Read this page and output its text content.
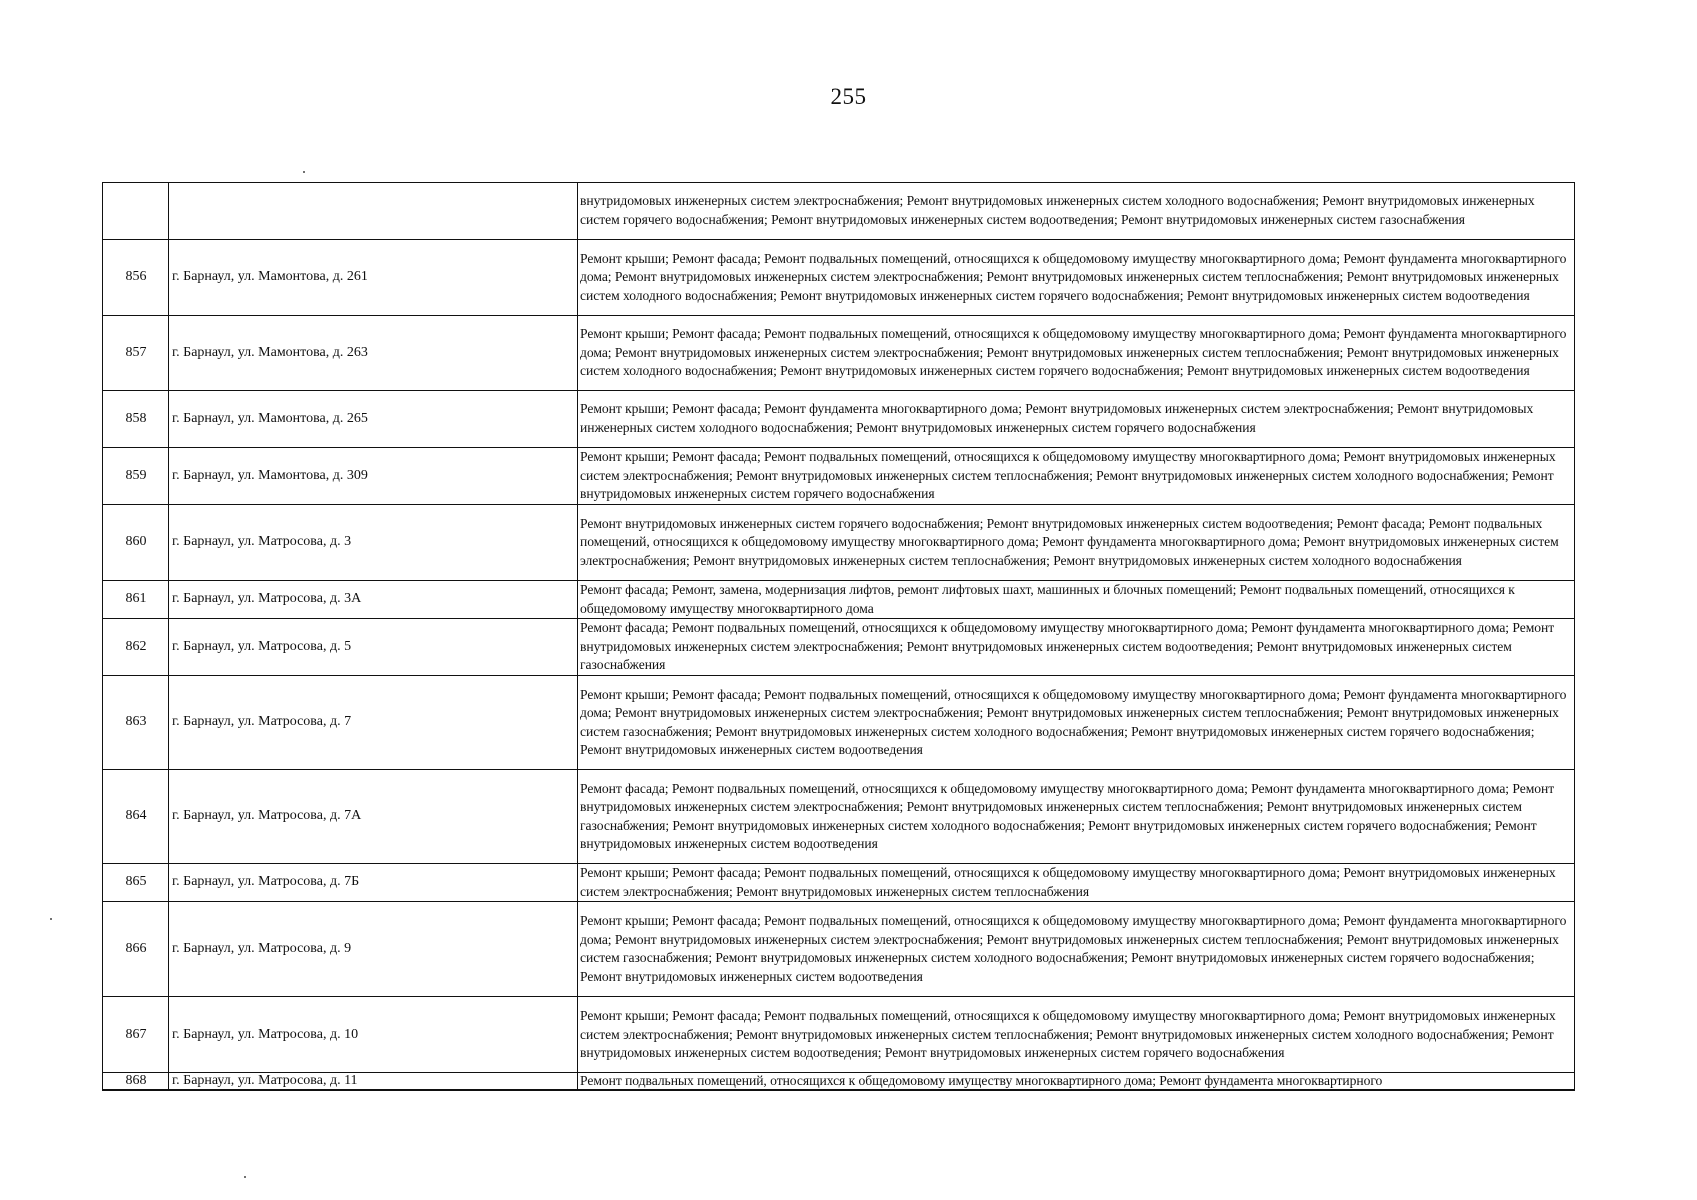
255
		внутридомовых инженерных систем электроснабжения; Ремонт внутридомовых инженерных систем холодного водоснабжения; Ремонт внутридомовых инженерных систем горячего водоснабжения; Ремонт внутридомовых инженерных систем водоотведения; Ремонт внутридомовых инженерных систем газоснабжения
856	г. Барнаул, ул. Мамонтова, д. 261	Ремонт крыши; Ремонт фасада; Ремонт подвальных помещений, относящихся к общедомовому имуществу многоквартирного дома; Ремонт фундамента многоквартирного дома; Ремонт внутридомовых инженерных систем электроснабжения; Ремонт внутридомовых инженерных систем теплоснабжения; Ремонт внутридомовых инженерных систем холодного водоснабжения; Ремонт внутридомовых инженерных систем горячего водоснабжения; Ремонт внутридомовых инженерных систем водоотведения
857	г. Барнаул, ул. Мамонтова, д. 263	Ремонт крыши; Ремонт фасада; Ремонт подвальных помещений, относящихся к общедомовому имуществу многоквартирного дома; Ремонт фундамента многоквартирного дома; Ремонт внутридомовых инженерных систем электроснабжения; Ремонт внутридомовых инженерных систем теплоснабжения; Ремонт внутридомовых инженерных систем холодного водоснабжения; Ремонт внутридомовых инженерных систем горячего водоснабжения; Ремонт внутридомовых инженерных систем водоотведения
858	г. Барнаул, ул. Мамонтова, д. 265	Ремонт крыши; Ремонт фасада; Ремонт фундамента многоквартирного дома; Ремонт внутридомовых инженерных систем электроснабжения; Ремонт внутридомовых инженерных систем холодного водоснабжения; Ремонт внутридомовых инженерных систем горячего водоснабжения
859	г. Барнаул, ул. Мамонтова, д. 309	Ремонт крыши; Ремонт фасада; Ремонт подвальных помещений, относящихся к общедомовому имуществу многоквартирного дома; Ремонт внутридомовых инженерных систем электроснабжения; Ремонт внутридомовых инженерных систем теплоснабжения; Ремонт внутридомовых инженерных систем холодного водоснабжения; Ремонт внутридомовых инженерных систем горячего водоснабжения
860	г. Барнаул, ул. Матросова, д. 3	Ремонт внутридомовых инженерных систем горячего водоснабжения; Ремонт внутридомовых инженерных систем водоотведения; Ремонт фасада; Ремонт подвальных помещений, относящихся к общедомовому имуществу многоквартирного дома; Ремонт фундамента многоквартирного дома; Ремонт внутридомовых инженерных систем электроснабжения; Ремонт внутридомовых инженерных систем теплоснабжения; Ремонт внутридомовых инженерных систем холодного водоснабжения
861	г. Барнаул, ул. Матросова, д. 3А	Ремонт фасада; Ремонт, замена, модернизация лифтов, ремонт лифтовых шахт, машинных и блочных помещений; Ремонт подвальных помещений, относящихся к общедомовому имуществу многоквартирного дома
862	г. Барнаул, ул. Матросова, д. 5	Ремонт фасада; Ремонт подвальных помещений, относящихся к общедомовому имуществу многоквартирного дома; Ремонт фундамента многоквартирного дома; Ремонт внутридомовых инженерных систем электроснабжения; Ремонт внутридомовых инженерных систем водоотведения; Ремонт внутридомовых инженерных систем газоснабжения
863	г. Барнаул, ул. Матросова, д. 7	Ремонт крыши; Ремонт фасада; Ремонт подвальных помещений, относящихся к общедомовому имуществу многоквартирного дома; Ремонт фундамента многоквартирного дома; Ремонт внутридомовых инженерных систем электроснабжения; Ремонт внутридомовых инженерных систем теплоснабжения; Ремонт внутридомовых инженерных систем газоснабжения; Ремонт внутридомовых инженерных систем холодного водоснабжения; Ремонт внутридомовых инженерных систем горячего водоснабжения; Ремонт внутридомовых инженерных систем водоотведения
864	г. Барнаул, ул. Матросова, д. 7А	Ремонт фасада; Ремонт подвальных помещений, относящихся к общедомовому имуществу многоквартирного дома; Ремонт фундамента многоквартирного дома; Ремонт внутридомовых инженерных систем электроснабжения; Ремонт внутридомовых инженерных систем теплоснабжения; Ремонт внутридомовых инженерных систем газоснабжения; Ремонт внутридомовых инженерных систем холодного водоснабжения; Ремонт внутридомовых инженерных систем горячего водоснабжения; Ремонт внутридомовых инженерных систем водоотведения
865	г. Барнаул, ул. Матросова, д. 7Б	Ремонт крыши; Ремонт фасада; Ремонт подвальных помещений, относящихся к общедомовому имуществу многоквартирного дома; Ремонт внутридомовых инженерных систем электроснабжения; Ремонт внутридомовых инженерных систем теплоснабжения
866	г. Барнаул, ул. Матросова, д. 9	Ремонт крыши; Ремонт фасада; Ремонт подвальных помещений, относящихся к общедомовому имуществу многоквартирного дома; Ремонт фундамента многоквартирного дома; Ремонт внутридомовых инженерных систем электроснабжения; Ремонт внутридомовых инженерных систем теплоснабжения; Ремонт внутридомовых инженерных систем газоснабжения; Ремонт внутридомовых инженерных систем холодного водоснабжения; Ремонт внутридомовых инженерных систем горячего водоснабжения; Ремонт внутридомовых инженерных систем водоотведения
867	г. Барнаул, ул. Матросова, д. 10	Ремонт крыши; Ремонт фасада; Ремонт подвальных помещений, относящихся к общедомовому имуществу многоквартирного дома; Ремонт внутридомовых инженерных систем электроснабжения; Ремонт внутридомовых инженерных систем теплоснабжения; Ремонт внутридомовых инженерных систем холодного водоснабжения; Ремонт внутридомовых инженерных систем водоотведения; Ремонт внутридомовых инженерных систем горячего водоснабжения
868	г. Барнаул, ул. Матросова, д. 11	Ремонт подвальных помещений, относящихся к общедомовому имуществу многоквартирного дома; Ремонт фундамента многоквартирного
